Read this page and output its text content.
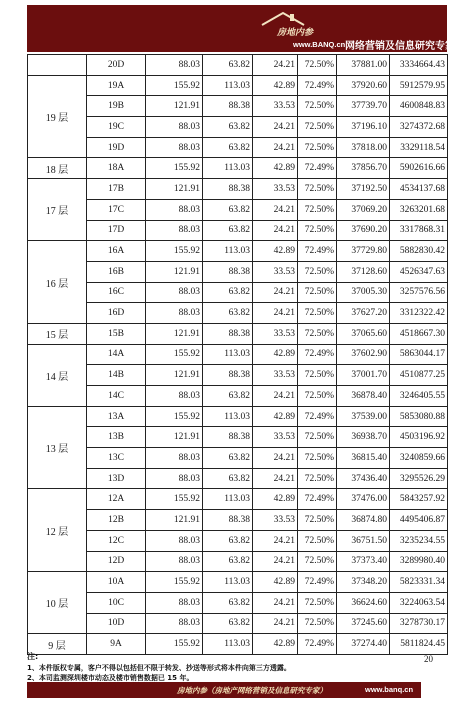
房地内参
www.BANQ.cn 网络营销及信息研究专家
	20D	88.03	63.82	24.21	72.50%	37881.00	3334664.43
19 层	19A	155.92	113.03	42.89	72.49%	37920.60	5912579.95
	19B	121.91	88.38	33.53	72.50%	37739.70	4600848.83
	19C	88.03	63.82	24.21	72.50%	37196.10	3274372.68
	19D	88.03	63.82	24.21	72.50%	37818.00	3329118.54
18 层	18A	155.92	113.03	42.89	72.49%	37856.70	5902616.66
17 层	17B	121.91	88.38	33.53	72.50%	37192.50	4534137.68
	17C	88.03	63.82	24.21	72.50%	37069.20	3263201.68
	17D	88.03	63.82	24.21	72.50%	37690.20	3317868.31
16 层	16A	155.92	113.03	42.89	72.49%	37729.80	5882830.42
	16B	121.91	88.38	33.53	72.50%	37128.60	4526347.63
	16C	88.03	63.82	24.21	72.50%	37005.30	3257576.56
	16D	88.03	63.82	24.21	72.50%	37627.20	3312322.42
15 层	15B	121.91	88.38	33.53	72.50%	37065.60	4518667.30
14 层	14A	155.92	113.03	42.89	72.49%	37602.90	5863044.17
	14B	121.91	88.38	33.53	72.50%	37001.70	4510877.25
	14C	88.03	63.82	24.21	72.50%	36878.40	3246405.55
13 层	13A	155.92	113.03	42.89	72.49%	37539.00	5853080.88
	13B	121.91	88.38	33.53	72.50%	36938.70	4503196.92
	13C	88.03	63.82	24.21	72.50%	36815.40	3240859.66
	13D	88.03	63.82	24.21	72.50%	37436.40	3295526.29
12 层	12A	155.92	113.03	42.89	72.49%	37476.00	5843257.92
	12B	121.91	88.38	33.53	72.50%	36874.80	4495406.87
	12C	88.03	63.82	24.21	72.50%	36751.50	3235234.55
	12D	88.03	63.82	24.21	72.50%	37373.40	3289980.40
10 层	10A	155.92	113.03	42.89	72.49%	37348.20	5823331.34
	10C	88.03	63.82	24.21	72.50%	36624.60	3224063.54
	10D	88.03	63.82	24.21	72.50%	37245.60	3278730.17
9 层	9A	155.92	113.03	42.89	72.49%	37274.40	5811824.45
注:
1、本件版权专属，客户不得以包括但不限于转发、抄送等形式将本件向第三方透露。
2、本司监测深圳楼市动态及楼市销售数据已 15 年。
20
房地内参（房地产网络营销及信息研究专家）	www.banq.cn
